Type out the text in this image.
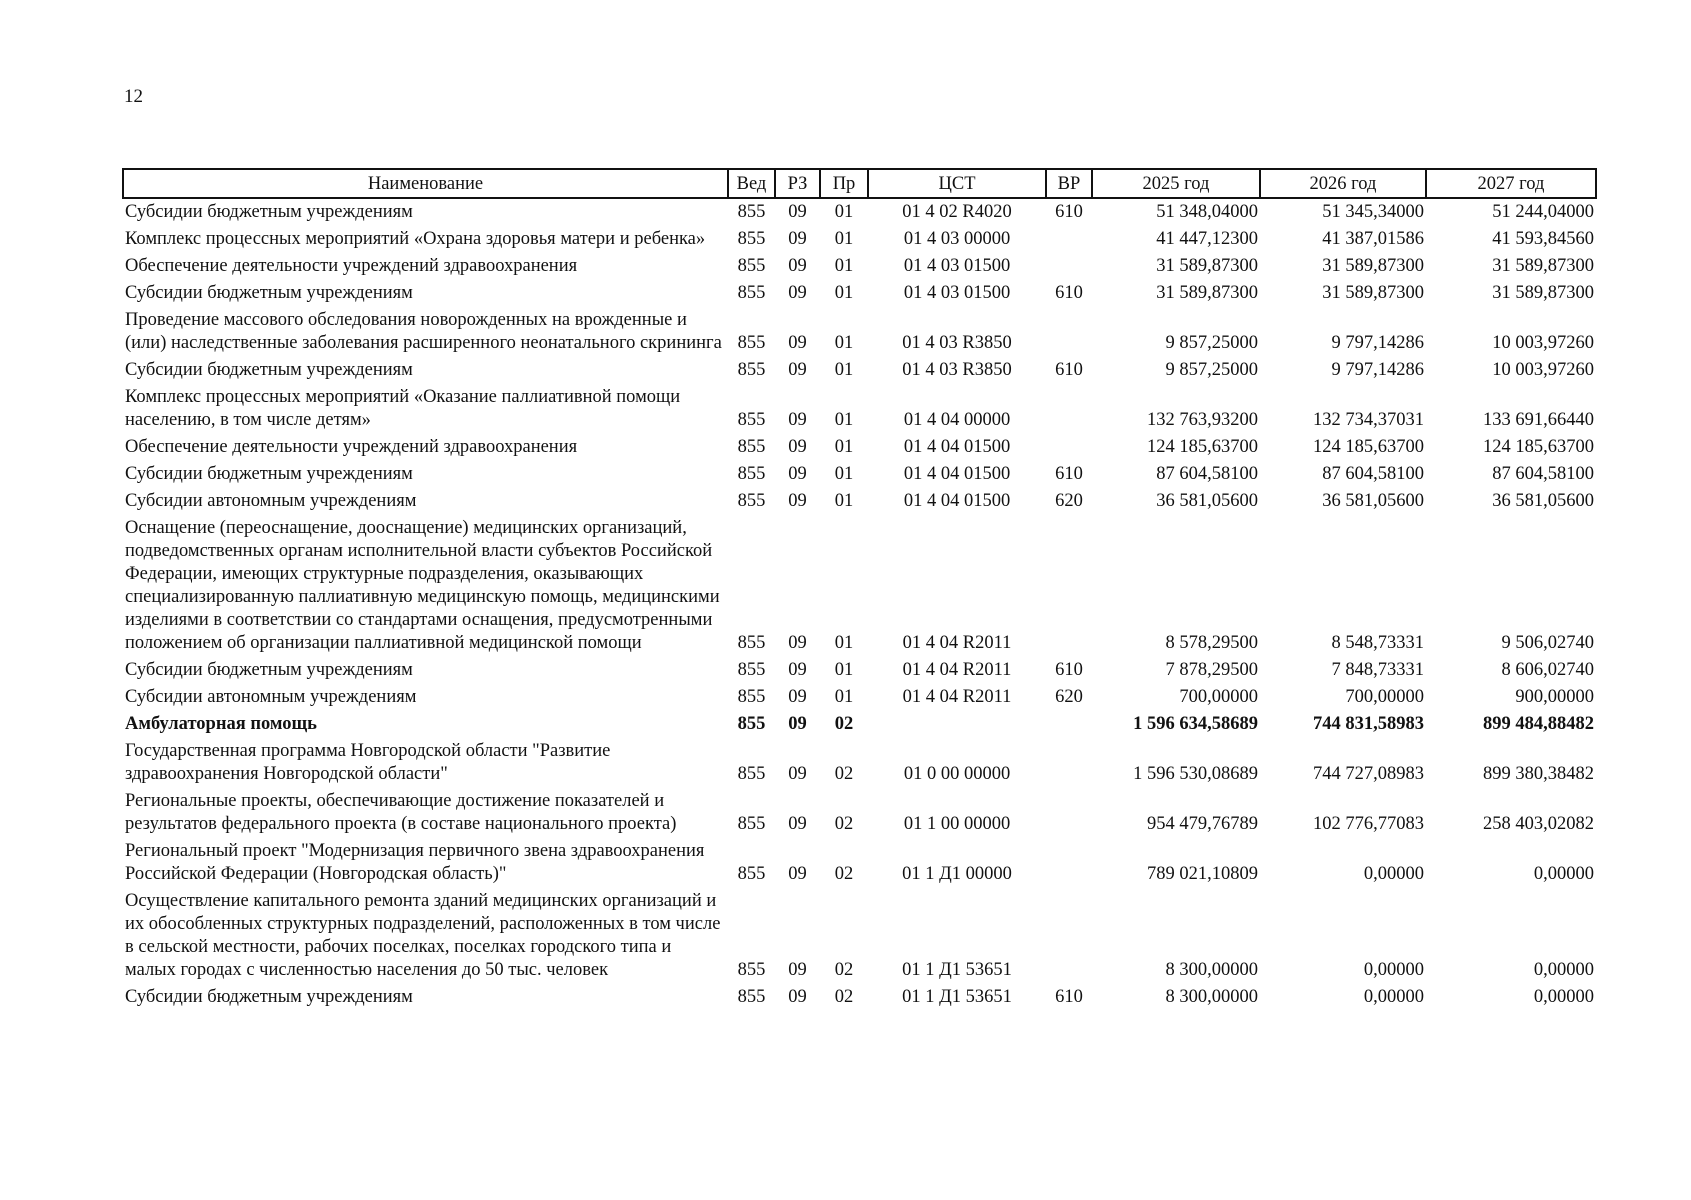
12
Наименование	Вед	РЗ	Пр	ЦСТ	ВР	2025 год	2026 год	2027 год
Субсидии бюджетным учреждениям	855	09	01	01 4 02 R4020	610	51 348,04000	51 345,34000	51 244,04000
Комплекс процессных мероприятий «Охрана здоровья матери и ребенка»	855	09	01	01 4 03 00000		41 447,12300	41 387,01586	41 593,84560
Обеспечение деятельности учреждений здравоохранения	855	09	01	01 4 03 01500		31 589,87300	31 589,87300	31 589,87300
Субсидии бюджетным учреждениям	855	09	01	01 4 03 01500	610	31 589,87300	31 589,87300	31 589,87300
Проведение массового обследования новорожденных на врожденные и (или) наследственные заболевания расширенного неонатального скрининга	855	09	01	01 4 03 R3850		9 857,25000	9 797,14286	10 003,97260
Субсидии бюджетным учреждениям	855	09	01	01 4 03 R3850	610	9 857,25000	9 797,14286	10 003,97260
Комплекс процессных мероприятий «Оказание паллиативной помощи населению, в том числе детям»	855	09	01	01 4 04 00000		132 763,93200	132 734,37031	133 691,66440
Обеспечение деятельности учреждений здравоохранения	855	09	01	01 4 04 01500		124 185,63700	124 185,63700	124 185,63700
Субсидии бюджетным учреждениям	855	09	01	01 4 04 01500	610	87 604,58100	87 604,58100	87 604,58100
Субсидии автономным учреждениям	855	09	01	01 4 04 01500	620	36 581,05600	36 581,05600	36 581,05600
Оснащение (переоснащение, дооснащение) медицинских организаций, подведомственных органам исполнительной власти субъектов Российской Федерации, имеющих структурные подразделения, оказывающих специализированную паллиативную медицинскую помощь, медицинскими изделиями в соответствии со стандартами оснащения, предусмотренными положением об организации паллиативной медицинской помощи	855	09	01	01 4 04 R2011		8 578,29500	8 548,73331	9 506,02740
Субсидии бюджетным учреждениям	855	09	01	01 4 04 R2011	610	7 878,29500	7 848,73331	8 606,02740
Субсидии автономным учреждениям	855	09	01	01 4 04 R2011	620	700,00000	700,00000	900,00000
Амбулаторная помощь	855	09	02			1 596 634,58689	744 831,58983	899 484,88482
Государственная программа Новгородской области "Развитие здравоохранения Новгородской области"	855	09	02	01 0 00 00000		1 596 530,08689	744 727,08983	899 380,38482
Региональные проекты, обеспечивающие достижение показателей и результатов федерального проекта (в составе национального проекта)	855	09	02	01 1 00 00000		954 479,76789	102 776,77083	258 403,02082
Региональный проект "Модернизация первичного звена здравоохранения Российской Федерации (Новгородская область)"	855	09	02	01 1 Д1 00000		789 021,10809	0,00000	0,00000
Осуществление капитального ремонта зданий медицинских организаций и их обособленных структурных подразделений, расположенных в том числе в сельской местности, рабочих поселках, поселках городского типа и малых городах с численностью населения до 50 тыс. человек	855	09	02	01 1 Д1 53651		8 300,00000	0,00000	0,00000
Субсидии бюджетным учреждениям	855	09	02	01 1 Д1 53651	610	8 300,00000	0,00000	0,00000
